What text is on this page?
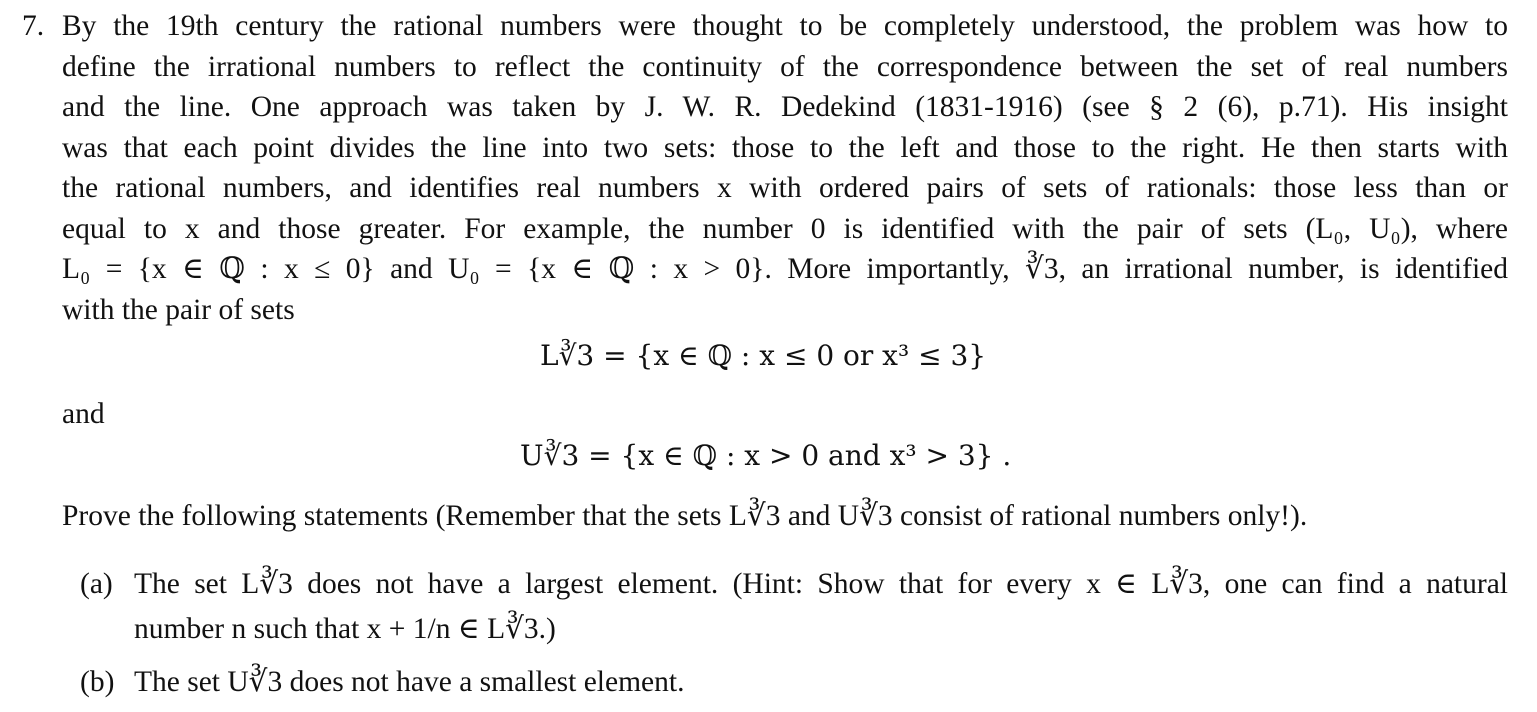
7. By the 19th century the rational numbers were thought to be completely understood, the problem was how to
define the irrational numbers to reflect the continuity of the correspondence between the set of real numbers
and the line. One approach was taken by J. W. R. Dedekind (1831-1916) (see § 2 (6), p.71). His insight
was that each point divides the line into two sets: those to the left and those to the right. He then starts with
the rational numbers, and identifies real numbers x with ordered pairs of sets of rationals: those less than or
equal to x and those greater. For example, the number 0 is identified with the pair of sets (L₀, U₀), where
L₀ = {x ∈ ℚ : x ≤ 0} and U₀ = {x ∈ ℚ : x > 0}. More importantly, ∛3, an irrational number, is identified
with the pair of sets
L∛3 = {x ∈ ℚ : x ≤ 0 or x³ ≤ 3}
and
U∛3 = {x ∈ ℚ : x > 0 and x³ > 3} .
Prove the following statements (Remember that the sets L∛3 and U∛3 consist of rational numbers only!).
(a) The set L∛3 does not have a largest element. (Hint: Show that for every x ∈ L∛3, one can find a natural
number n such that x + 1/n ∈ L∛3.)
(b) The set U∛3 does not have a smallest element.
